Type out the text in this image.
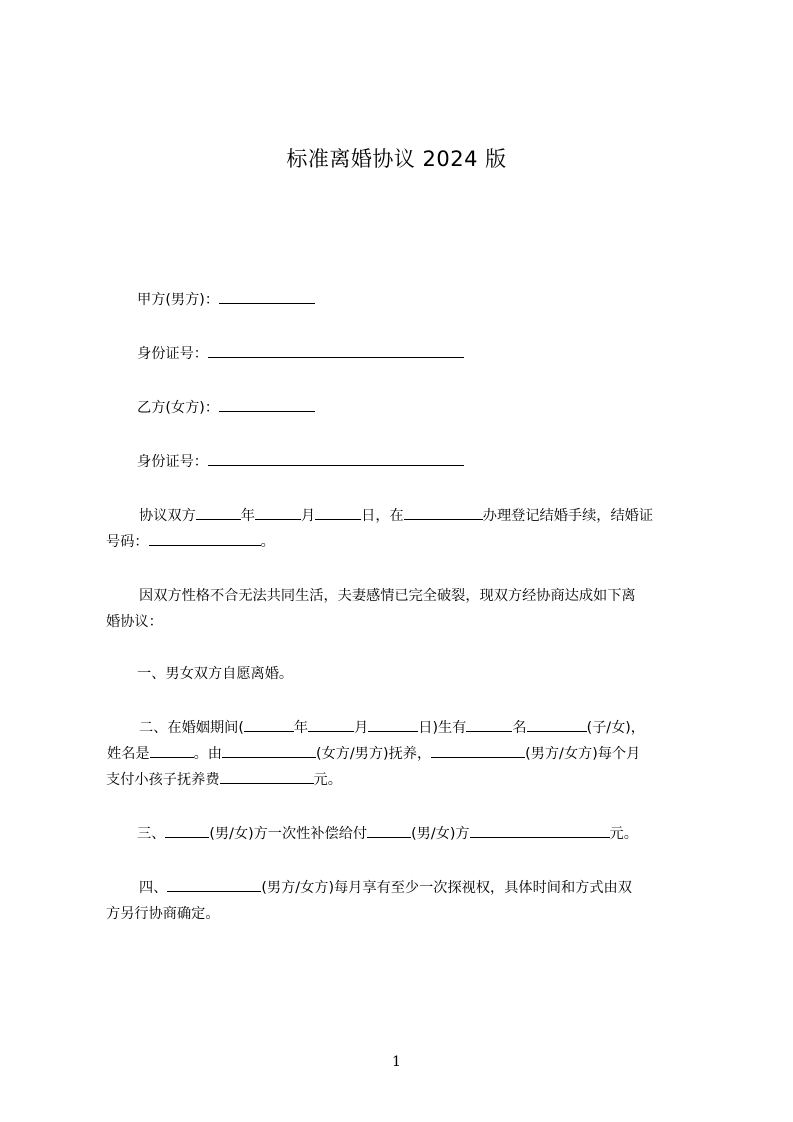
标准离婚协议 2024 版
甲方(男方)：
身份证号：
乙方(女方)：
身份证号：
协议双方	年	月	日，在	办理登记结婚手续，结婚证
号码：	。
因双方性格不合无法共同生活，夫妻感情已完全破裂，现双方经协商达成如下离
婚协议：
一、男女双方自愿离婚。
二、在婚姻期间(	年	月	日)生有	名	(子/女)，
姓名是	。由	(女方/男方)抚养，	(男方/女方)每个月
支付小孩子抚养费	元。
三、	(男/女)方一次性补偿给付	(男/女)方	元。
四、	(男方/女方)每月享有至少一次探视权，具体时间和方式由双
方另行协商确定。
1
